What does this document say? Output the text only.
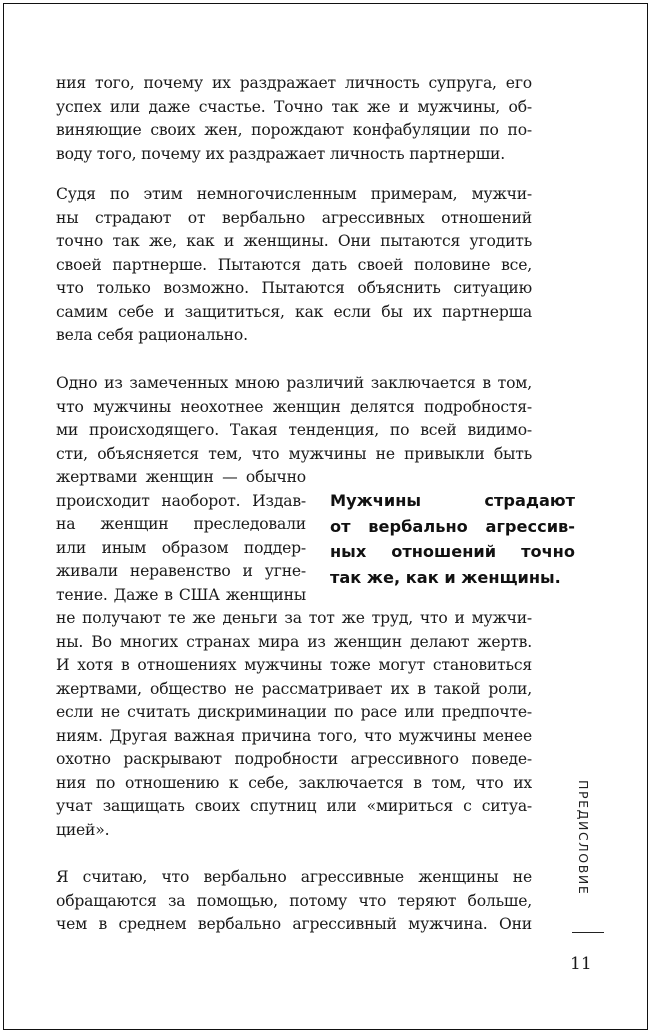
ния того, почему их раздражает личность супруга, его
успех или даже счастье. Точно так же и мужчины, об-
виняющие своих жен, порождают конфабуляции по по-
воду того, почему их раздражает личность партнерши.
Судя по этим немногочисленным примерам, мужчи-
ны страдают от вербально агрессивных отношений
точно так же, как и женщины. Они пытаются угодить
своей партнерше. Пытаются дать своей половине все,
что только возможно. Пытаются объяснить ситуацию
самим себе и защититься, как если бы их партнерша
вела себя рационально.
Одно из замеченных мною различий заключается в том,
что мужчины неохотнее женщин делятся подробностя-
ми происходящего. Такая тенденция, по всей видимо-
сти, объясняется тем, что мужчины не привыкли быть
жертвами женщин — обычно
происходит наоборот. Издав-
на женщин преследовали
или иным образом поддер-
живали неравенство и угне-
тение. Даже в США женщины
Мужчины страдают
от вербально агрессив-
ных отношений точно
так же, как и женщины.
не получают те же деньги за тот же труд, что и мужчи-
ны. Во многих странах мира из женщин делают жертв.
И хотя в отношениях мужчины тоже могут становиться
жертвами, общество не рассматривает их в такой роли,
если не считать дискриминации по расе или предпочте-
ниям. Другая важная причина того, что мужчины менее
охотно раскрывают подробности агрессивного поведе-
ния по отношению к себе, заключается в том, что их
учат защищать своих спутниц или «мириться с ситуа-
цией».
Я считаю, что вербально агрессивные женщины не
обращаются за помощью, потому что теряют больше,
чем в среднем вербально агрессивный мужчина. Они
ПРЕДИСЛОВИЕ
11
